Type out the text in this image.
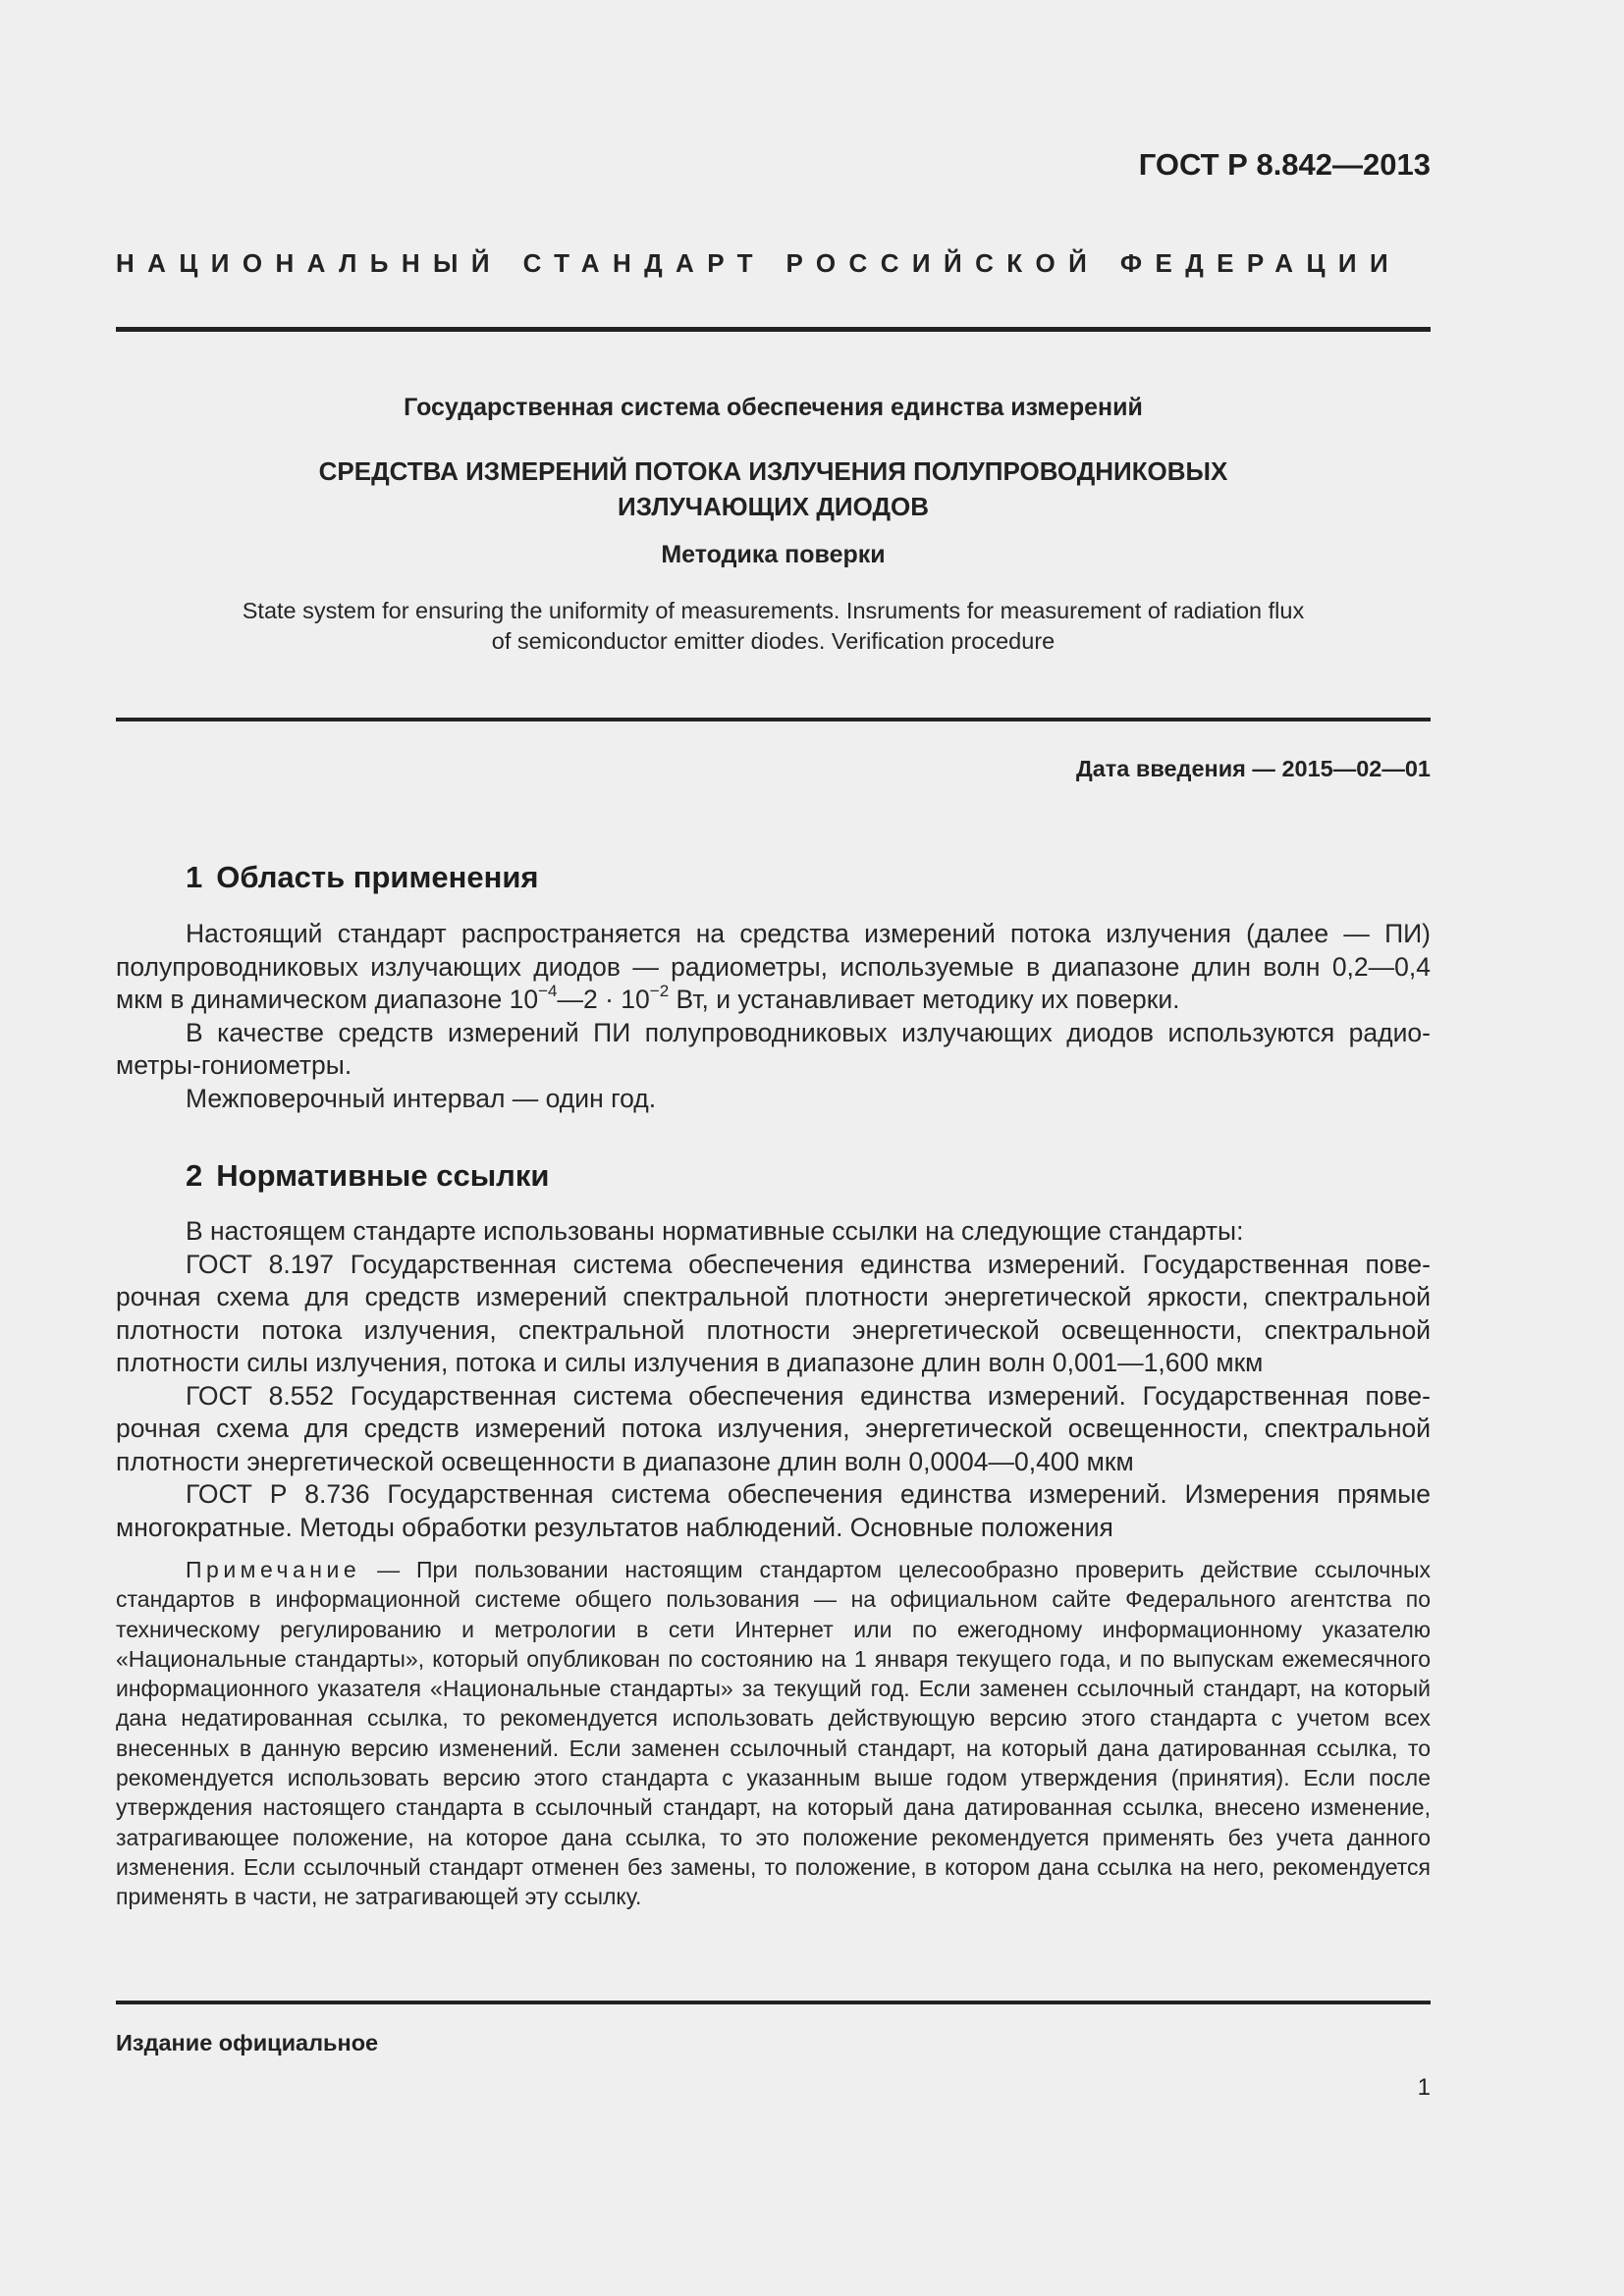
ГОСТ Р 8.842—2013
НАЦИОНАЛЬНЫЙ СТАНДАРТ РОССИЙСКОЙ ФЕДЕРАЦИИ
Государственная система обеспечения единства измерений
СРЕДСТВА ИЗМЕРЕНИЙ ПОТОКА ИЗЛУЧЕНИЯ ПОЛУПРОВОДНИКОВЫХ
ИЗЛУЧАЮЩИХ ДИОДОВ
Методика поверки
State system for ensuring the uniformity of measurements. Insruments for measurement of radiation flux
of semiconductor emitter diodes. Verification procedure
Дата введения — 2015—02—01
1 Область применения

Настоящий стандарт распространяется на средства измерений потока излучения (далее — ПИ) полупроводниковых излучающих диодов — радиометры, используемые в диапазоне длин волн 0,2—0,4 мкм в динамическом диапазоне $10^{-4}—2 \cdot 10^{-2}$ Вт, и устанавливает методику их поверки.

В качестве средств измерений ПИ полупроводниковых излучающих диодов используются радиометры-гониометры.

Межповерочный интервал — один год.

2 Нормативные ссылки

В настоящем стандарте использованы нормативные ссылки на следующие стандарты:

ГОСТ 8.197 Государственная система обеспечения единства измерений. Государственная поверочная схема для средств измерений спектральной плотности энергетической яркости, спектральной плотности потока излучения, спектральной плотности энергетической освещенности, спектральной плотности силы излучения, потока и силы излучения в диапазоне длин волн 0,001—1,600 мкм

ГОСТ 8.552 Государственная система обеспечения единства измерений. Государственная поверочная схема для средств измерений потока излучения, энергетической освещенности, спектральной плотности энергетической освещенности в диапазоне длин волн 0,0004—0,400 мкм

ГОСТ Р 8.736 Государственная система обеспечения единства измерений. Измерения прямые многократные. Методы обработки результатов наблюдений. Основные положения

Примечание — При пользовании настоящим стандартом целесообразно проверить действие ссылочных стандартов в информационной системе общего пользования — на официальном сайте Федерального агентства по техническому регулированию и метрологии в сети Интернет или по ежегодному информационному указателю «Национальные стандарты», который опубликован по состоянию на 1 января текущего года, и по выпускам ежемесячного информационного указателя «Национальные стандарты» за текущий год. Если заменен ссылочный стандарт, на который дана недатированная ссылка, то рекомендуется использовать действующую версию этого стандарта с учетом всех внесенных в данную версию изменений. Если заменен ссылочный стандарт, на который дана датированная ссылка, то рекомендуется использовать версию этого стандарта с указанным выше годом утверждения (принятия). Если после утверждения настоящего стандарта в ссылочный стандарт, на который дана датированная ссылка, внесено изменение, затрагивающее положение, на которое дана ссылка, то это положение рекомендуется применять без учета данного изменения. Если ссылочный стандарт отменен без замены, то положение, в котором дана ссылка на него, рекомендуется применять в части, не затрагивающей эту ссылку.

Издание официальное
1
